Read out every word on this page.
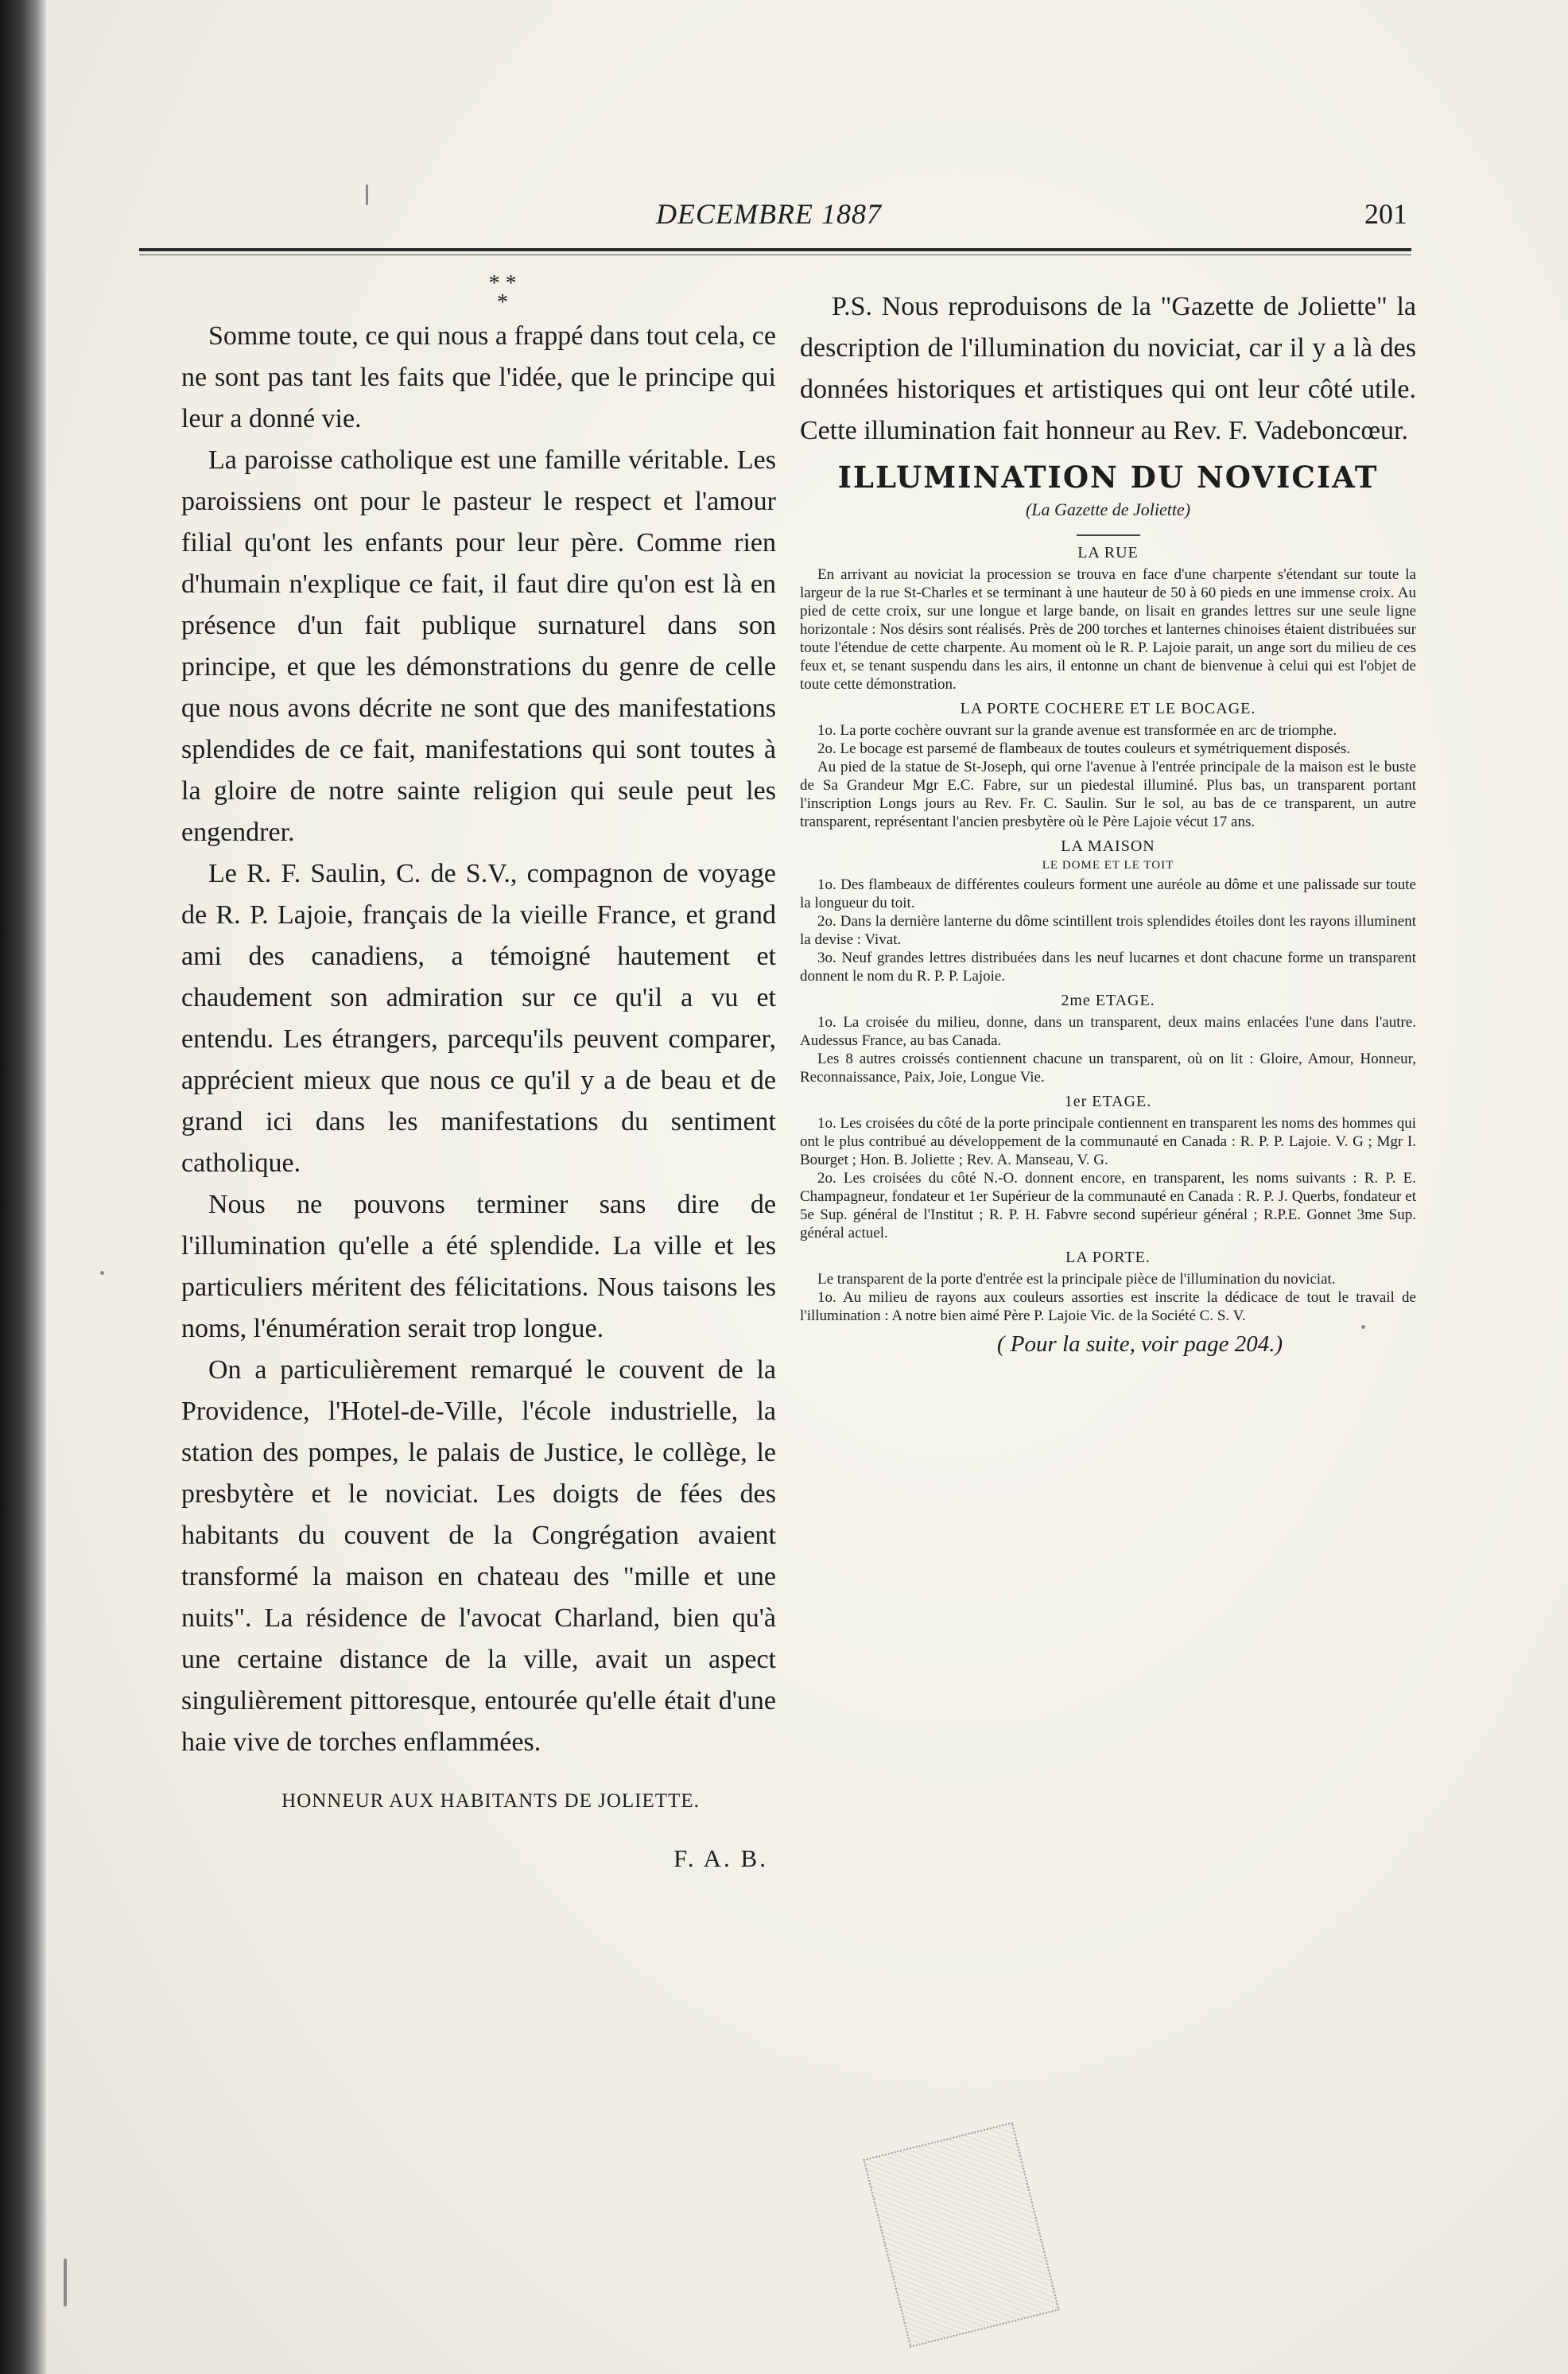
DECEMBRE 1887	201
* *
*

Somme toute, ce qui nous a frappé dans tout cela, ce ne sont pas tant les faits que l'idée, que le principe qui leur a donné vie.

La paroisse catholique est une famille véritable. Les paroissiens ont pour le pasteur le respect et l'amour filial qu'ont les enfants pour leur père. Comme rien d'humain n'explique ce fait, il faut dire qu'on est là en présence d'un fait publique surnaturel dans son principe, et que les démonstrations du genre de celle que nous avons décrite ne sont que des manifestations splendides de ce fait, manifestations qui sont toutes à la gloire de notre sainte religion qui seule peut les engendrer.

Le R. F. Saulin, C. de S.V., compagnon de voyage de R. P. Lajoie, français de la vieille France, et grand ami des canadiens, a témoigné hautement et chaudement son admiration sur ce qu'il a vu et entendu. Les étrangers, parcequ'ils peuvent comparer, apprécient mieux que nous ce qu'il y a de beau et de grand ici dans les manifestations du sentiment catholique.

Nous ne pouvons terminer sans dire de l'illumination qu'elle a été splendide. La ville et les particuliers méritent des félicitations. Nous taisons les noms, l'énumération serait trop longue.

On a particulièrement remarqué le couvent de la Providence, l'Hotel-de-Ville, l'école industrielle, la station des pompes, le palais de Justice, le collège, le presbytère et le noviciat. Les doigts de fées des habitants du couvent de la Congrégation avaient transformé la maison en chateau des "mille et une nuits". La résidence de l'avocat Charland, bien qu'à une certaine distance de la ville, avait un aspect singulièrement pittoresque, entourée qu'elle était d'une haie vive de torches enflammées.

HONNEUR AUX HABITANTS DE JOLIETTE.
F. A. B.

P.S. Nous reproduisons de la "Gazette de Joliette" la description de l'illumination du noviciat, car il y a là des données historiques et artistiques qui ont leur côté utile. Cette illumination fait honneur au Rev. F. Vadeboncœur.

ILLUMINATION DU NOVICIAT
(La Gazette de Joliette)
LA RUE

En arrivant au noviciat la procession se trouva en face d'une charpente s'étendant sur toute la largeur de la rue St-Charles et se terminant à une hauteur de 50 à 60 pieds en une immense croix. Au pied de cette croix, sur une longue et large bande, on lisait en grandes lettres sur une seule ligne horizontale : Nos désirs sont réalisés. Près de 200 torches et lanternes chinoises étaient distribuées sur toute l'étendue de cette charpente. Au moment où le R. P. Lajoie parait, un ange sort du milieu de ces feux et, se tenant suspendu dans les airs, il entonne un chant de bienvenue à celui qui est l'objet de toute cette démonstration.

LA PORTE COCHERE ET LE BOCAGE.

1o. La porte cochère ouvrant sur la grande avenue est transformée en arc de triomphe.

2o. Le bocage est parsemé de flambeaux de toutes couleurs et symétriquement disposés.

Au pied de la statue de St-Joseph, qui orne l'avenue à l'entrée principale de la maison est le buste de Sa Grandeur Mgr E.C. Fabre, sur un piedestal illuminé. Plus bas, un transparent portant l'inscription Longs jours au Rev. Fr. C. Saulin. Sur le sol, au bas de ce transparent, un autre transparent, représentant l'ancien presbytère où le Père Lajoie vécut 17 ans.

LA MAISON
LE DOME ET LE TOIT

1o. Des flambeaux de différentes couleurs forment une auréole au dôme et une palissade sur toute la longueur du toit.

2o. Dans la dernière lanterne du dôme scintillent trois splendides étoiles dont les rayons illuminent la devise : Vivat.

3o. Neuf grandes lettres distribuées dans les neuf lucarnes et dont chacune forme un transparent donnent le nom du R. P. P. Lajoie.

2me ETAGE.

1o. La croisée du milieu, donne, dans un transparent, deux mains enlacées l'une dans l'autre. Audessus France, au bas Canada.

Les 8 autres croissés contiennent chacune un transparent, où on lit : Gloire, Amour, Honneur, Reconnaissance, Paix, Joie, Longue Vie.

1er ETAGE.

1o. Les croisées du côté de la porte principale contiennent en transparent les noms des hommes qui ont le plus contribué au développement de la communauté en Canada : R. P. P. Lajoie. V. G ; Mgr I. Bourget ; Hon. B. Joliette ; Rev. A. Manseau, V. G.

2o. Les croisées du côté N.-O. donnent encore, en transparent, les noms suivants : R. P. E. Champagneur, fondateur et 1er Supérieur de la communauté en Canada : R. P. J. Querbs, fondateur et 5e Sup. général de l'Institut ; R. P. H. Fabvre second supérieur général ; R.P.E. Gonnet 3me Sup. général actuel.

LA PORTE.

Le transparent de la porte d'entrée est la principale pièce de l'illumination du noviciat.

1o. Au milieu de rayons aux couleurs assorties est inscrite la dédicace de tout le travail de l'illumination : A notre bien aimé Père P. Lajoie Vic. de la Société C. S. V.

( Pour la suite, voir page 204.)
